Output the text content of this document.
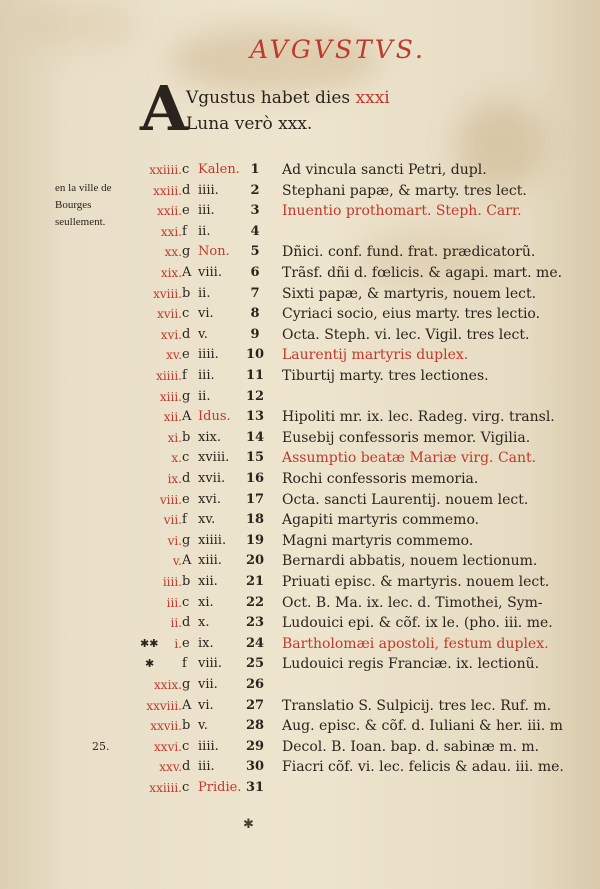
AVGVSTVS.
A
Vgustus habet dies xxxi
Luna verò xxx.
en la ville de
Bourges
seullement.
xxiiii. c Kalen. 1	Ad vincula sancti Petri, dupl.
xxiii. d iiii.	2	Stephani papæ, & marty. tres lect.
xxii. e iii.	3	Inuentio prothomart. Steph. Carr.
xxi. f ii.	4
xx. g Non.	5	Dñici. conf. fund. frat. prædicatorũ.
xix. A viii.	6	Trãsf. dñi d. fœlicis. & agapi. mart. me.
xviii. b ii.	7	Sixti papæ, & martyris, nouem lect.
xvii. c vi.	8	Cyriaci socio, eius marty. tres lectio.
xvi. d v.	9	Octa. Steph. vi. lec. Vigil. tres lect.
xv. e iiii. 10 Laurentij martyris duplex.
xiiii. f iii. 11 Tiburtij marty. tres lectiones.
xiii. g ii.	12
xii. A Idus. 13 Hipoliti mr. ix. lec. Radeg. virg. transl.
xi. b xix. 14 Eusebij confessoris memor. Vigilia.
x. c xviii. 15 Assumptio beatæ Mariæ virg. Cant.
ix. d xvii. 16 Rochi confessoris memoria.
viii. e xvi. 17 Octa. sancti Laurentij. nouem lect.
vii. f xv. 18 Agapiti martyris commemo.
vi. g xiiii. 19 Magni martyris commemo.
v. A xiii. 20 Bernardi abbatis, nouem lectionum.
iiii. b xii. 21 Priuati episc. & martyris. nouem lect.
iii. c xi. 22 Oct. B. Ma. ix. lec. d. Timothei, Sym-
ii. d x.	23 Ludouici epi. & cõf. ix le. (pho. iii. me.
i. e ix. 24 Bartholomæi apostoli, festum duplex.
✱✱
f viii. 25 Ludouici regis Franciæ. ix. lectionũ.
✱
xxix. g vii. 26
xxviii. A vi. 27 Translatio S. Sulpicij. tres lec. Ruf. m.
xxvii. b v.	28 Aug. episc. & cõf. d. Iuliani & her. iii. m
xxvi. c iiii. 29 Decol. B. Ioan. bap. d. sabinæ m. m.
25.
xxv. d iii. 30 Fiacri cõf. vi. lec. felicis & adau. iii. me.
xxiiii. c Pridie. 31
✱
